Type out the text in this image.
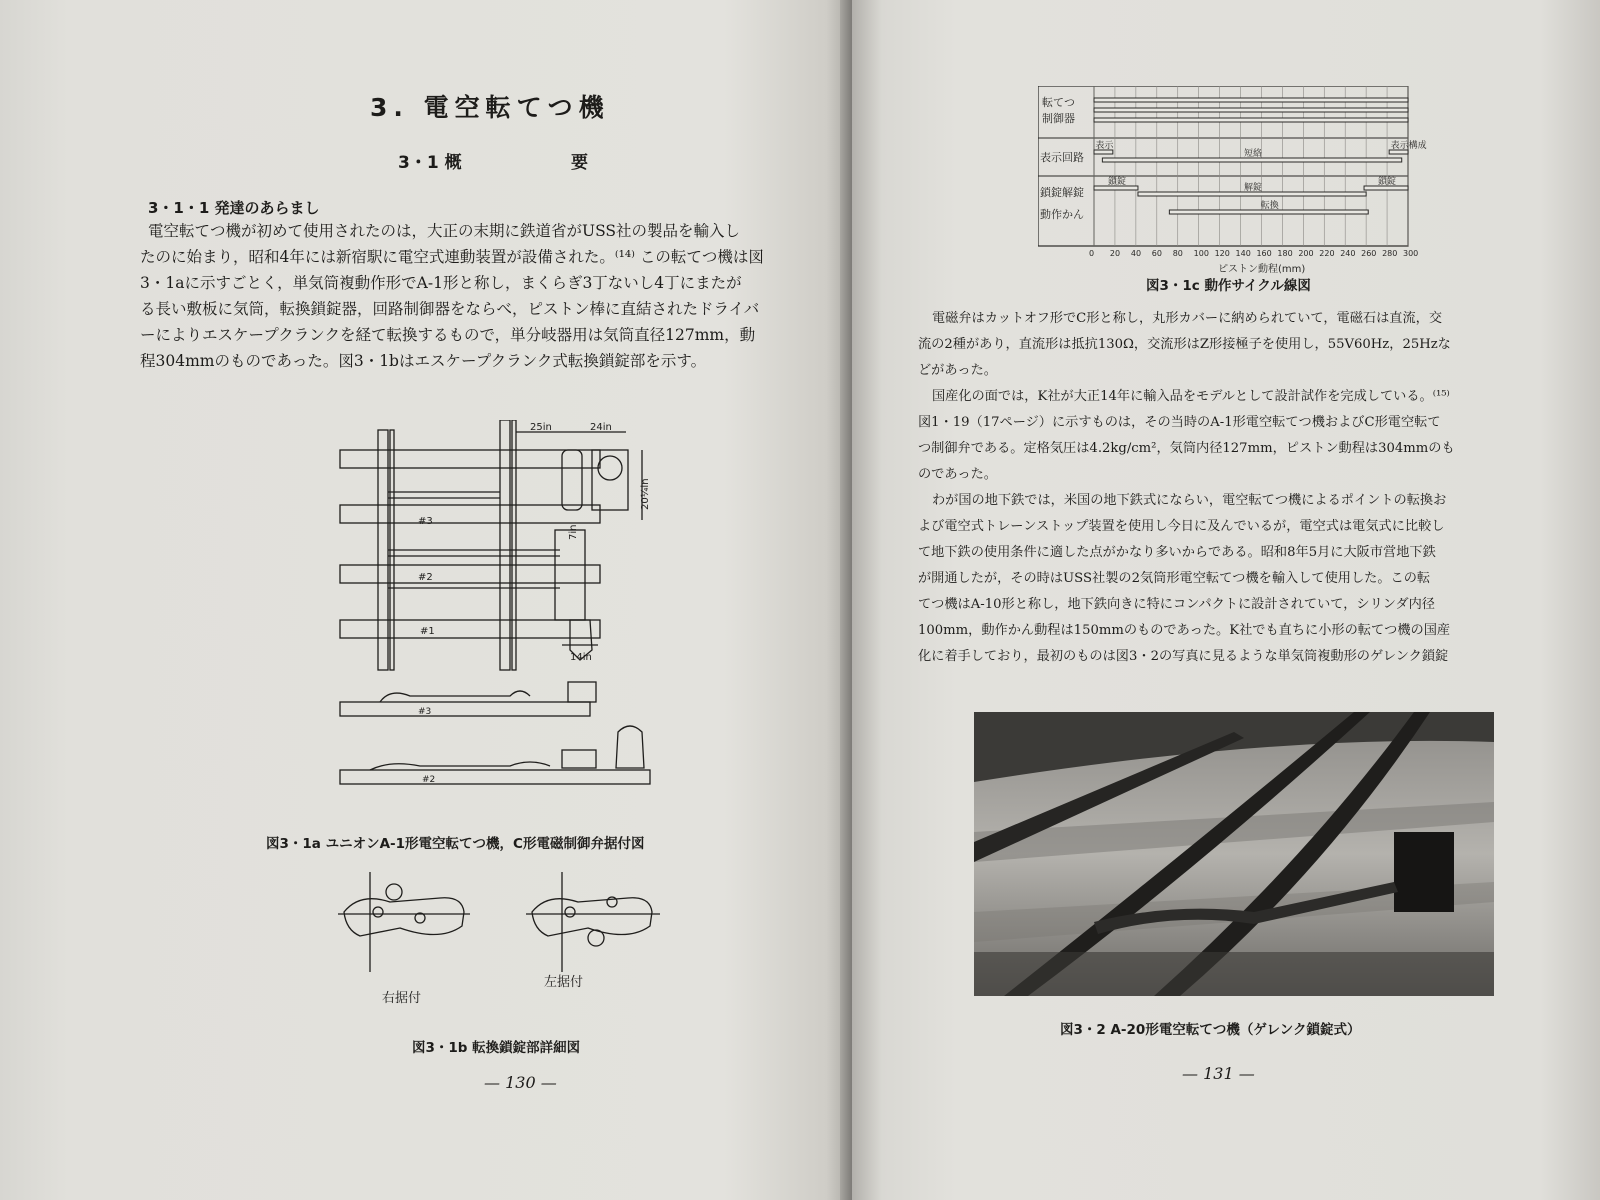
3. 電空転てつ機
3・1 概	要
3・1・1 発達のあらまし
電空転てつ機が初めて使用されたのは，大正の末期に鉄道省がUSS社の製品を輸入し
たのに始まり，昭和4年には新宿駅に電空式連動装置が設備された。⁽¹⁴⁾ この転てつ機は図
3・1aに示すごとく，単気筒複動作形でA-1形と称し，まくらぎ3丁ないし4丁にまたが
る長い敷板に気筒，転換鎖錠器，回路制御器をならべ，ピストン棒に直結されたドライバ
ーによりエスケープクランクを経て転換するもので，単分岐器用は気筒直径127mm，動
程304mmのものであった。図3・1bはエスケープクランク式転換鎖錠部を示す。
25in	24in
20¼in
14in
7in
#3
#2
#1
#3
#2
図3・1a ユニオンA-1形電空転てつ機，C形電磁制御弁据付図
右据付
左据付
図3・1b 転換鎖錠部詳細図
— 130 —
表示
短絡
表示構成
鎖錠
解錠
鎖錠
転換
0 20 40 60 80 100 120 140 160 180 200 220 240 260 280 300
転てつ
制御器
表示回路
鎖錠解錠
動作かん
ピストン動程(mm)
図3・1c 動作サイクル線図
電磁弁はカットオフ形でC形と称し，丸形カバーに納められていて，電磁石は直流，交
流の2種があり，直流形は抵抗130Ω，交流形はZ形接極子を使用し，55V60Hz，25Hzな
どがあった。
国産化の面では，K社が大正14年に輸入品をモデルとして設計試作を完成している。⁽¹⁵⁾
図1・19（17ページ）に示すものは，その当時のA-1形電空転てつ機およびC形電空転て
つ制御弁である。定格気圧は4.2kg/cm²，気筒内径127mm，ピストン動程は304mmのも
のであった。
わが国の地下鉄では，米国の地下鉄式にならい，電空転てつ機によるポイントの転換お
よび電空式トレーンストップ装置を使用し今日に及んでいるが，電空式は電気式に比較し
て地下鉄の使用条件に適した点がかなり多いからである。昭和8年5月に大阪市営地下鉄
が開通したが，その時はUSS社製の2気筒形電空転てつ機を輸入して使用した。この転
てつ機はA-10形と称し，地下鉄向きに特にコンパクトに設計されていて，シリンダ内径
100mm，動作かん動程は150mmのものであった。K社でも直ちに小形の転てつ機の国産
化に着手しており，最初のものは図3・2の写真に見るような単気筒複動形のゲレンク鎖錠
図3・2 A-20形電空転てつ機（ゲレンク鎖錠式）
— 131 —
